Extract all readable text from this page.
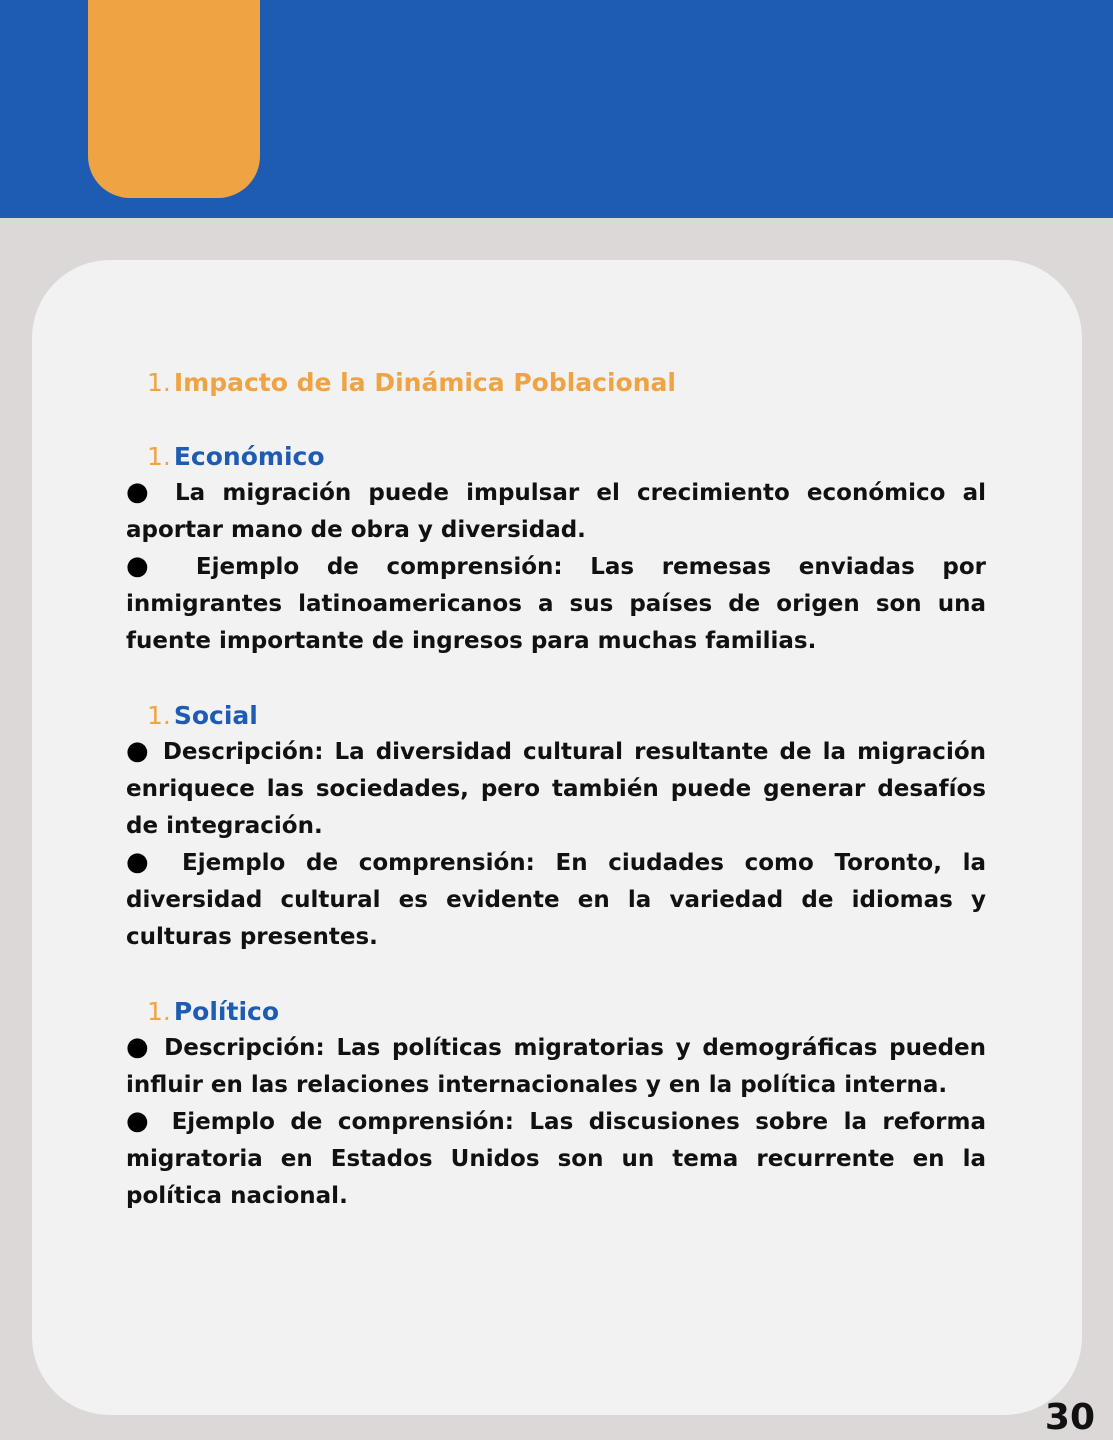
1. Impacto de la Dinámica Poblacional
1. Económico

● La migración puede impulsar el crecimiento económico al aportar mano de obra y diversidad.

● Ejemplo de comprensión: Las remesas enviadas por inmigrantes latinoamericanos a sus países de origen son una fuente importante de ingresos para muchas familias.

1. Social

● Descripción: La diversidad cultural resultante de la migración enriquece las sociedades, pero también puede generar desafíos de integración.

● Ejemplo de comprensión: En ciudades como Toronto, la diversidad cultural es evidente en la variedad de idiomas y culturas presentes.

1. Político

● Descripción: Las políticas migratorias y demográficas pueden influir en las relaciones internacionales y en la política interna.

● Ejemplo de comprensión: Las discusiones sobre la reforma migratoria en Estados Unidos son un tema recurrente en la política nacional.

30
